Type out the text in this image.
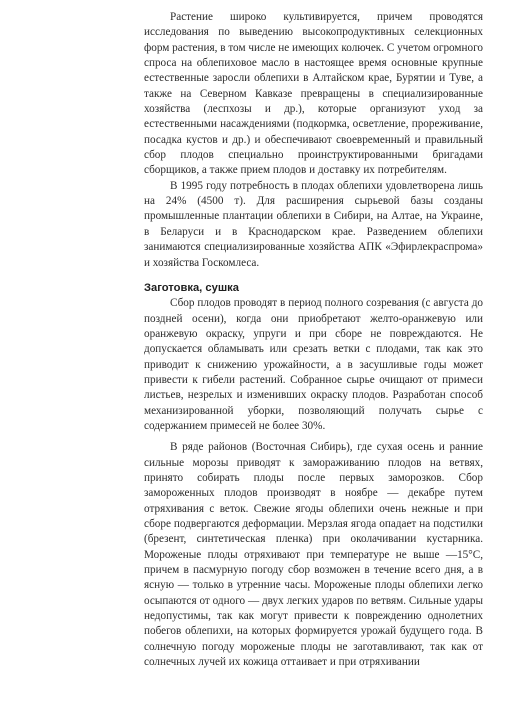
Растение широко культивируется, причем проводятся исследования по выведению высокопродуктивных селекционных форм растения, в том числе не имеющих колючек. С учетом огромного спроса на облепиховое масло в настоящее время основные крупные естественные заросли облепихи в Алтайском крае, Бурятии и Туве, а также на Северном Кавказе превращены в специализированные хозяйства (леспхозы и др.), которые организуют уход за естественными насаждениями (подкормка, осветление, прореживание, посадка кустов и др.) и обеспечивают своевременный и правильный сбор плодов специально проинструктированными бригадами сборщиков, а также прием плодов и доставку их потребителям.

В 1995 году потребность в плодах облепихи удовлетворена лишь на 24% (4500 т). Для расширения сырьевой базы созданы промышленные плантации облепихи в Сибири, на Алтае, на Украине, в Беларуси и в Краснодарском крае. Разведением облепихи занимаются специализированные хозяйства АПК «Эфирлекраспрома» и хозяйства Госкомлеса.

Заготовка, сушка

Сбор плодов проводят в период полного созревания (с августа до поздней осени), когда они приобретают желто-оранжевую или оранжевую окраску, упруги и при сборе не повреждаются. Не допускается обламывать или срезать ветки с плодами, так как это приводит к снижению урожайности, а в засушливые годы может привести к гибели растений. Собранное сырье очищают от примеси листьев, незрелых и изменивших окраску плодов. Разработан способ механизированной уборки, позволяющий получать сырье с содержанием примесей не более 30%.

В ряде районов (Восточная Сибирь), где сухая осень и ранние сильные морозы приводят к замораживанию плодов на ветвях, принято собирать плоды после первых заморозков. Сбор замороженных плодов производят в ноябре — декабре путем отряхивания с веток. Свежие ягоды облепихи очень нежные и при сборе подвергаются деформации. Мерзлая ягода опадает на подстилки (брезент, синтетическая пленка) при околачивании кустарника. Мороженые плоды отряхивают при температуре не выше —15°С, причем в пасмурную погоду сбор возможен в течение всего дня, а в ясную — только в утренние часы. Мороженые плоды облепихи легко осыпаются от одного — двух легких ударов по ветвям. Сильные удары недопустимы, так как могут привести к повреждению однолетних побегов облепихи, на которых формируется урожай будущего года. В солнечную погоду мороженые плоды не заготавливают, так как от солнечных лучей их кожица оттаивает и при отряхивании
